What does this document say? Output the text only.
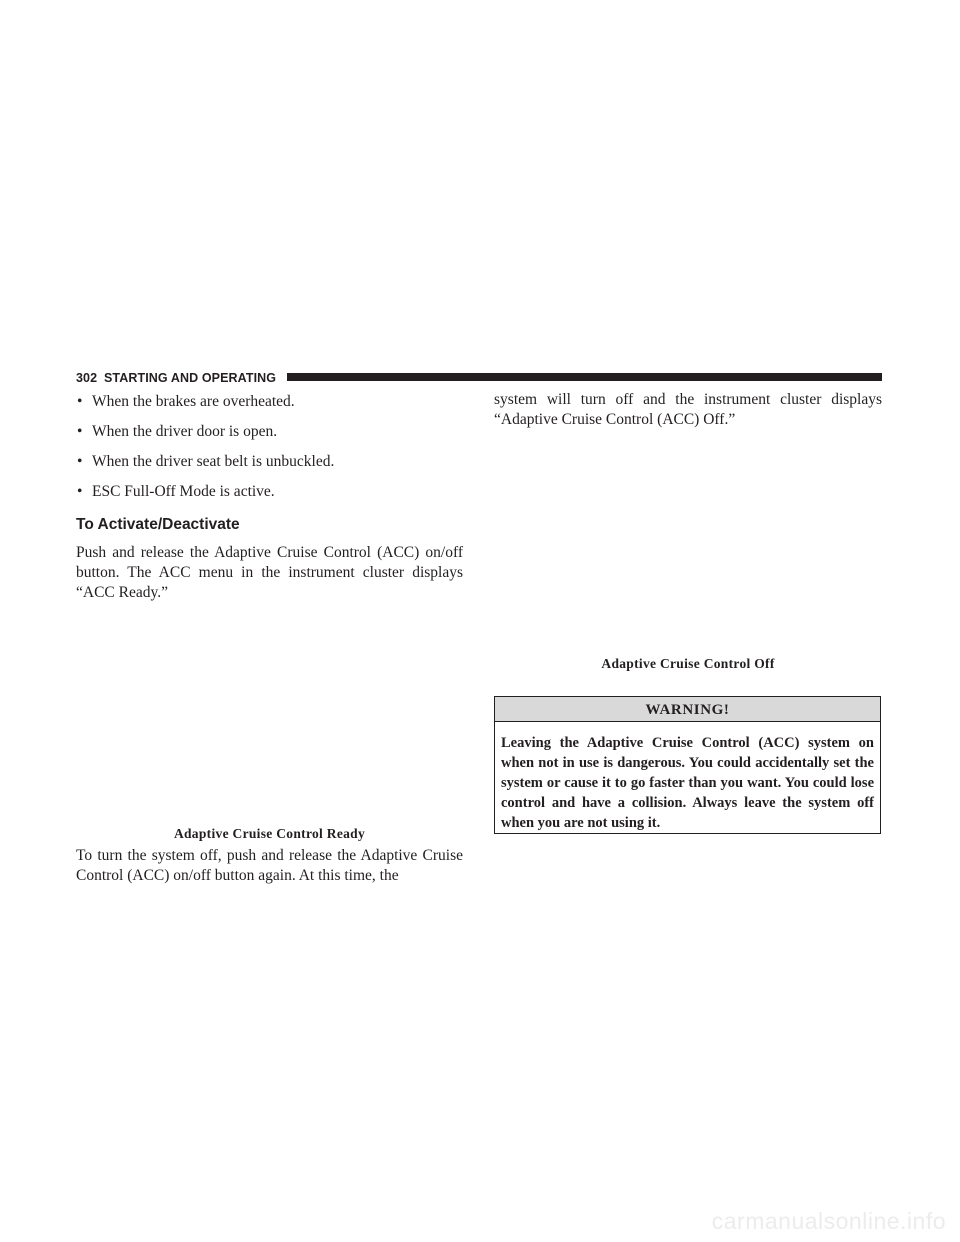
302 STARTING AND OPERATING
• When the brakes are overheated.
• When the driver door is open.
• When the driver seat belt is unbuckled.
• ESC Full-Off Mode is active.
To Activate/Deactivate

Push and release the Adaptive Cruise Control (ACC) on/off button. The ACC menu in the instrument cluster displays “ACC Ready.”

Adaptive Cruise Control Ready

To turn the system off, push and release the Adaptive Cruise Control (ACC) on/off button again. At this time, the

system will turn off and the instrument cluster displays “Adaptive Cruise Control (ACC) Off.”

Adaptive Cruise Control Off
WARNING!
Leaving the Adaptive Cruise Control (ACC) system on when not in use is dangerous. You could accidentally set the system or cause it to go faster than you want. You could lose control and have a collision. Always leave the system off when you are not using it.
carmanualsonline.info
